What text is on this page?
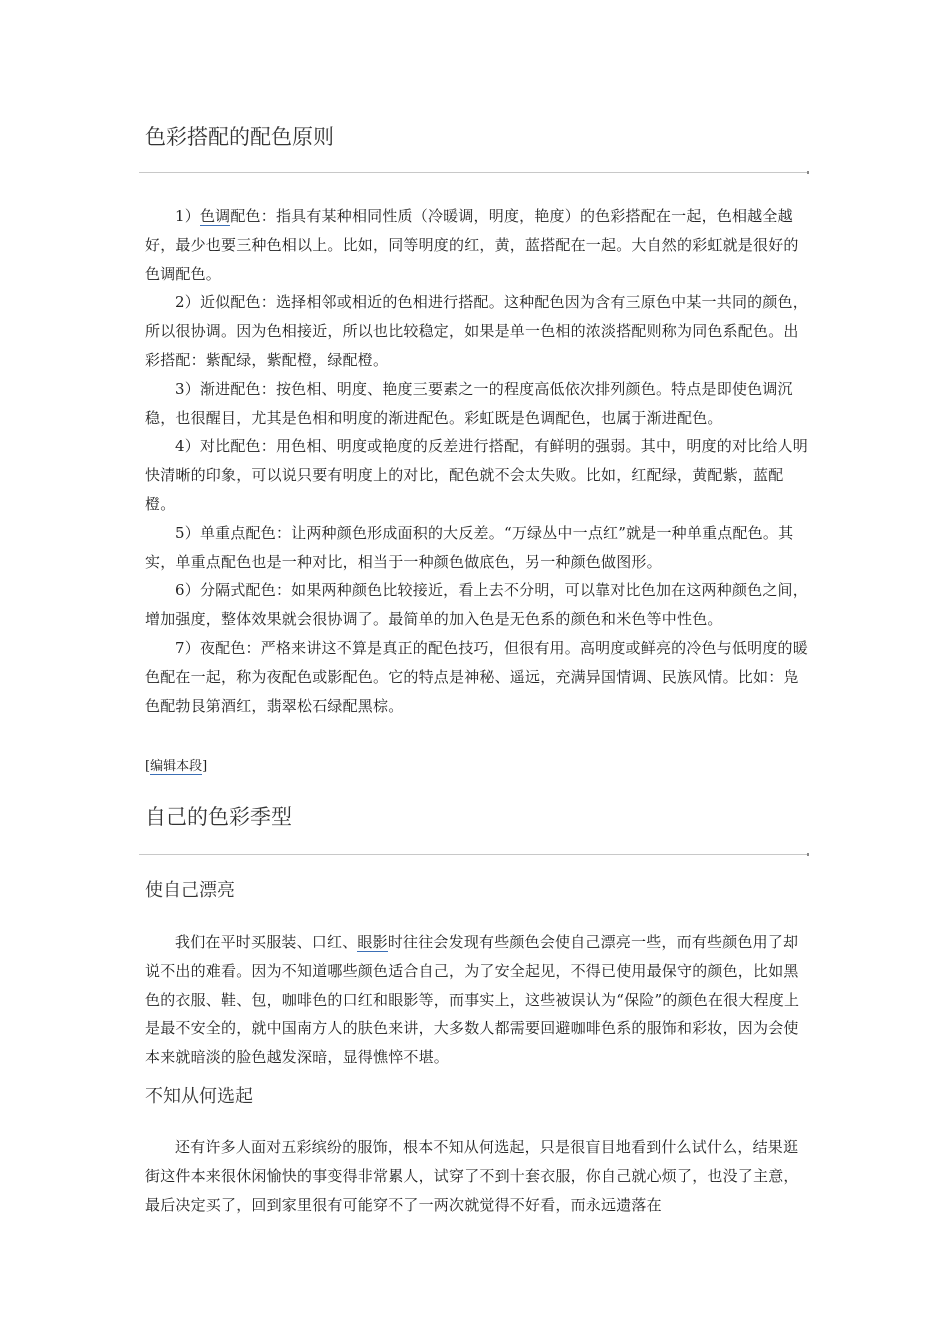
色彩搭配的配色原则

1）色调配色：指具有某种相同性质（冷暖调，明度，艳度）的色彩搭配在一起，色相越全越好，最少也要三种色相以上。比如，同等明度的红，黄，蓝搭配在一起。大自然的彩虹就是很好的色调配色。

2）近似配色：选择相邻或相近的色相进行搭配。这种配色因为含有三原色中某一共同的颜色，所以很协调。因为色相接近，所以也比较稳定，如果是单一色相的浓淡搭配则称为同色系配色。出彩搭配：紫配绿，紫配橙，绿配橙。

3）渐进配色：按色相、明度、艳度三要素之一的程度高低依次排列颜色。特点是即使色调沉稳，也很醒目，尤其是色相和明度的渐进配色。彩虹既是色调配色，也属于渐进配色。

4）对比配色：用色相、明度或艳度的反差进行搭配，有鲜明的强弱。其中，明度的对比给人明快清晰的印象，可以说只要有明度上的对比，配色就不会太失败。比如，红配绿，黄配紫，蓝配橙。

5）单重点配色：让两种颜色形成面积的大反差。“万绿丛中一点红”就是一种单重点配色。其实，单重点配色也是一种对比，相当于一种颜色做底色，另一种颜色做图形。

6）分隔式配色：如果两种颜色比较接近，看上去不分明，可以靠对比色加在这两种颜色之间，增加强度，整体效果就会很协调了。最简单的加入色是无色系的颜色和米色等中性色。

7）夜配色：严格来讲这不算是真正的配色技巧，但很有用。高明度或鲜亮的冷色与低明度的暖色配在一起，称为夜配色或影配色。它的特点是神秘、遥远，充满异国情调、民族风情。比如：凫色配勃艮第酒红，翡翠松石绿配黑棕。

[编辑本段]
自己的色彩季型
使自己漂亮

我们在平时买服装、口红、眼影时往往会发现有些颜色会使自己漂亮一些，而有些颜色用了却说不出的难看。因为不知道哪些颜色适合自己，为了安全起见，不得已使用最保守的颜色，比如黑色的衣服、鞋、包，咖啡色的口红和眼影等，而事实上，这些被误认为“保险”的颜色在很大程度上是最不安全的，就中国南方人的肤色来讲，大多数人都需要回避咖啡色系的服饰和彩妆，因为会使本来就暗淡的脸色越发深暗，显得憔悴不堪。

不知从何选起

还有许多人面对五彩缤纷的服饰，根本不知从何选起，只是很盲目地看到什么试什么，结果逛街这件本来很休闲愉快的事变得非常累人，试穿了不到十套衣服，你自己就心烦了，也没了主意，最后决定买了，回到家里很有可能穿不了一两次就觉得不好看，而永远遗落在
